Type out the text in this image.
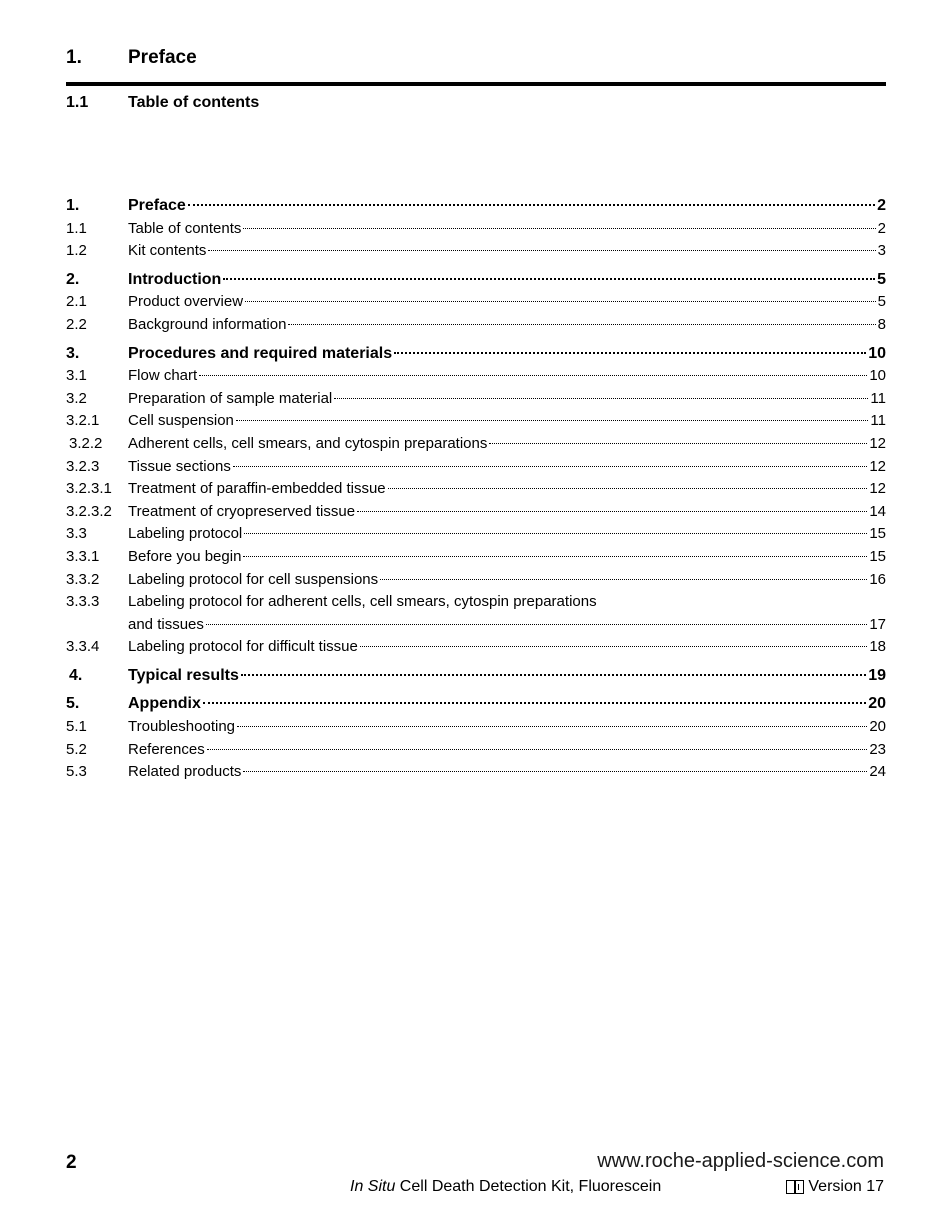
1. Preface
1.1 Table of contents
1.	Preface	2
1.1	Table of contents	2
1.2	Kit contents	3
2.	Introduction	5
2.1	Product overview	5
2.2	Background information	8
3.	Procedures and required materials	10
3.1	Flow chart	10
3.2	Preparation of sample material	11
3.2.1	Cell suspension	11
3.2.2	Adherent cells, cell smears, and cytospin preparations	12
3.2.3	Tissue sections	12
3.2.3.1	Treatment of paraffin-embedded tissue	12
3.2.3.2	Treatment of cryopreserved tissue	14
3.3	Labeling protocol	15
3.3.1	Before you begin	15
3.3.2	Labeling protocol for cell suspensions	16
3.3.3	Labeling protocol for adherent cells, cell smears, cytospin preparations
and tissues	17
3.3.4	Labeling protocol for difficult tissue	18
4.	Typical results	19
5.	Appendix	20
5.1	Troubleshooting	20
5.2	References	23
5.3	Related products	24
2	www.roche-applied-science.com
In Situ Cell Death Detection Kit, Fluorescein	Version 17
